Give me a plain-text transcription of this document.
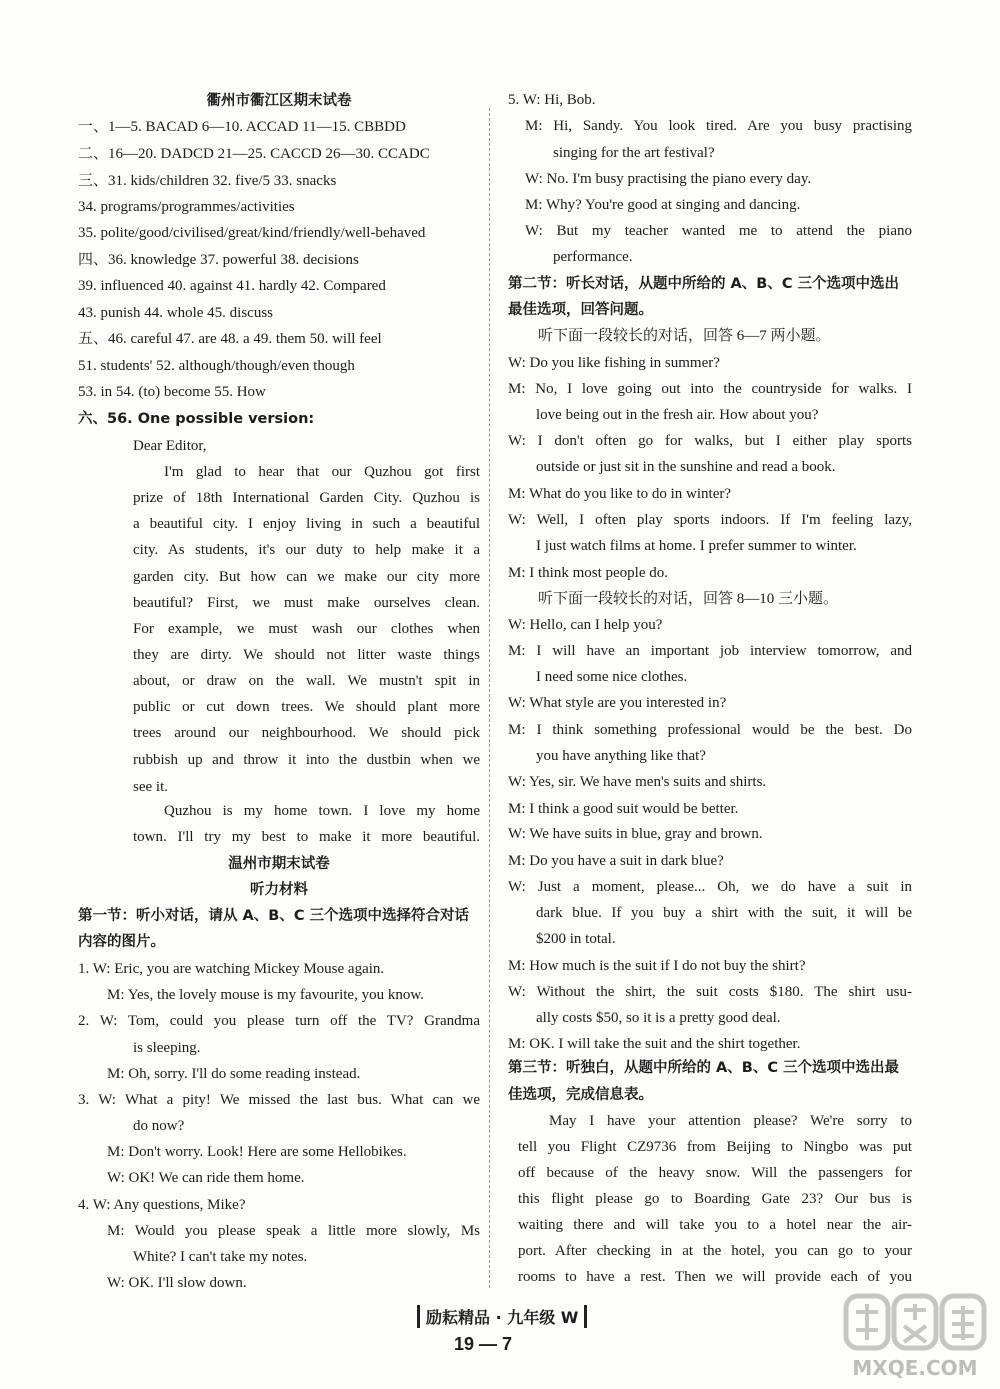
衢州市衢江区期末试卷
一、1—5. BACAD 6—10. ACCAD 11—15. CBBDD
二、16—20. DADCD 21—25. CACCD 26—30. CCADC
三、31. kids/children 32. five/5 33. snacks
34. programs/programmes/activities
35. polite/good/civilised/great/kind/friendly/well-behaved
四、36. knowledge 37. powerful 38. decisions
39. influenced 40. against 41. hardly 42. Compared
43. punish 44. whole 45. discuss
五、46. careful 47. are 48. a 49. them 50. will feel
51. students' 52. although/though/even though
53. in 54. (to) become 55. How
六、56. One possible version:
Dear Editor,
I'm glad to hear that our Quzhou got first
prize of 18th International Garden City. Quzhou is
a beautiful city. I enjoy living in such a beautiful
city. As students, it's our duty to help make it a
garden city. But how can we make our city more
beautiful? First, we must make ourselves clean.
For example, we must wash our clothes when
they are dirty. We should not litter waste things
about, or draw on the wall. We mustn't spit in
public or cut down trees. We should plant more
trees around our neighbourhood. We should pick
rubbish up and throw it into the dustbin when we
see it.
Quzhou is my home town. I love my home
town. I'll try my best to make it more beautiful.
温州市期末试卷
听力材料
第一节：听小对话，请从 A、B、C 三个选项中选择符合对话
内容的图片。
1. W: Eric, you are watching Mickey Mouse again.
M: Yes, the lovely mouse is my favourite, you know.
2. W: Tom, could you please turn off the TV? Grandma
is sleeping.
M: Oh, sorry. I'll do some reading instead.
3. W: What a pity! We missed the last bus. What can we
do now?
M: Don't worry. Look! Here are some Hellobikes.
W: OK! We can ride them home.
4. W: Any questions, Mike?
M: Would you please speak a little more slowly, Ms
White? I can't take my notes.
W: OK. I'll slow down.
5. W: Hi, Bob.
M: Hi, Sandy. You look tired. Are you busy practising
singing for the art festival?
W: No. I'm busy practising the piano every day.
M: Why? You're good at singing and dancing.
W: But my teacher wanted me to attend the piano
performance.
第二节：听长对话，从题中所给的 A、B、C 三个选项中选出
最佳选项，回答问题。
听下面一段较长的对话，回答 6—7 两小题。
W: Do you like fishing in summer?
M: No, I love going out into the countryside for walks. I
love being out in the fresh air. How about you?
W: I don't often go for walks, but I either play sports
outside or just sit in the sunshine and read a book.
M: What do you like to do in winter?
W: Well, I often play sports indoors. If I'm feeling lazy,
I just watch films at home. I prefer summer to winter.
M: I think most people do.
听下面一段较长的对话，回答 8—10 三小题。
W: Hello, can I help you?
M: I will have an important job interview tomorrow, and
I need some nice clothes.
W: What style are you interested in?
M: I think something professional would be the best. Do
you have anything like that?
W: Yes, sir. We have men's suits and shirts.
M: I think a good suit would be better.
W: We have suits in blue, gray and brown.
M: Do you have a suit in dark blue?
W: Just a moment, please... Oh, we do have a suit in
dark blue. If you buy a shirt with the suit, it will be
$200 in total.
M: How much is the suit if I do not buy the shirt?
W: Without the shirt, the suit costs $180. The shirt usu-
ally costs $50, so it is a pretty good deal.
M: OK. I will take the suit and the shirt together.
第三节：听独白，从题中所给的 A、B、C 三个选项中选出最
佳选项，完成信息表。
May I have your attention please? We're sorry to
tell you Flight CZ9736 from Beijing to Ningbo was put
off because of the heavy snow. Will the passengers for
this flight please go to Boarding Gate 23? Our bus is
waiting there and will take you to a hotel near the air-
port. After checking in at the hotel, you can go to your
rooms to have a rest. Then we will provide each of you
励耘精品 · 九年级 W
19 — 7
MXQE.COM
